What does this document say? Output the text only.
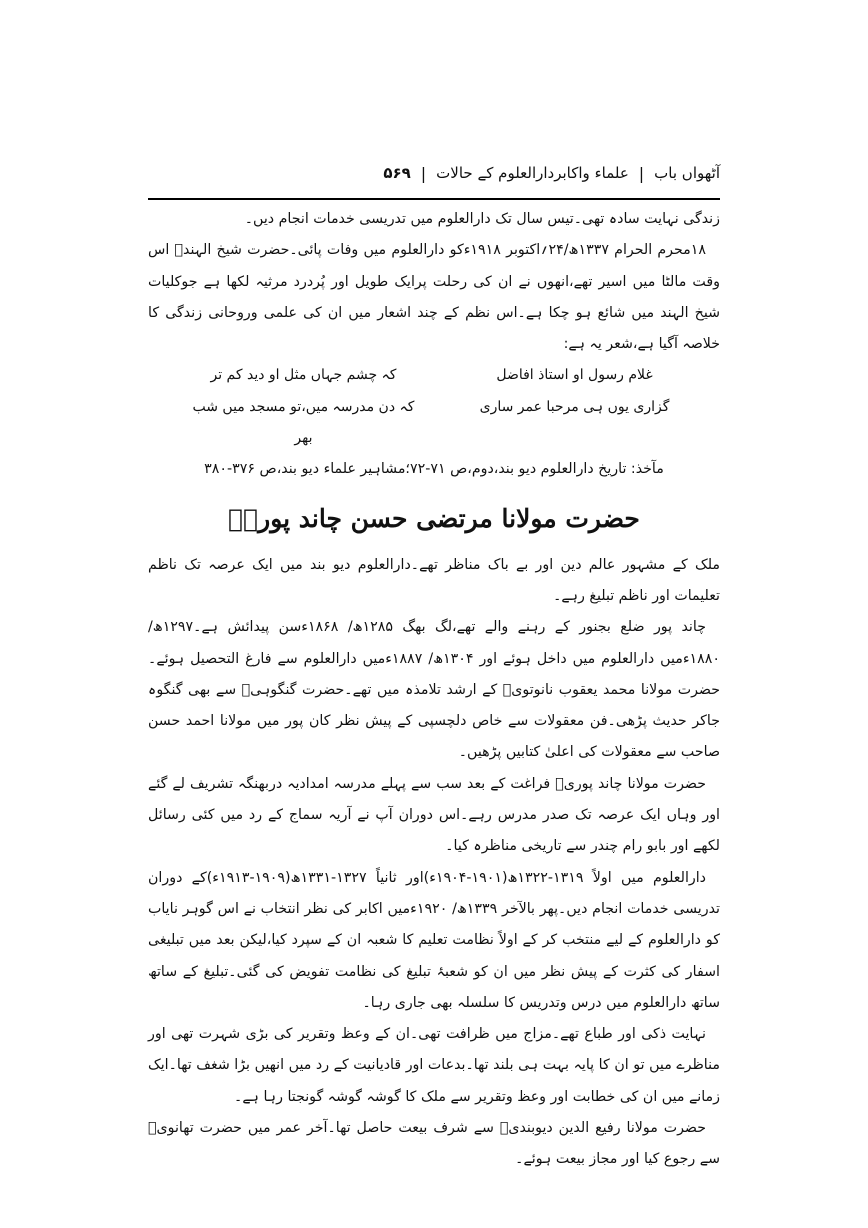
آٹھواں باب
|
علماء واکابردارالعلوم کے حالات
|
۵۶۹

زندگی نہایت سادہ تھی۔تیس سال تک دارالعلوم میں تدریسی خدمات انجام دیں۔

۱۸محرم الحرام ۱۳۳۷ھ/۲۴؍اکتوبر ۱۹۱۸ءکو دارالعلوم میں وفات پائی۔حضرت شیخ الہندؒ اس وقت مالٹا میں اسیر تھے،انھوں نے ان کی رحلت پرایک طویل اور پُردرد مرثیہ لکھا ہے جوکلیات شیخ الہند میں شائع ہو چکا ہے۔اس نظم کے چند اشعار میں ان کی علمی وروحانی زندگی کا خلاصہ آگیا ہے،شعر یہ ہے:

غلام رسول او استاذ افاضل
کہ چشم جہاں مثل او دید کم تر
گزاری یوں ہی مرحبا عمر ساری
کہ دن مدرسہ میں،تو مسجد میں شب بھر

مآخذ: تاریخ دارالعلوم دیو بند،دوم،ص ۷۱-۷۲؛مشاہیر علماء دیو بند،ص ۳۷۶-۳۸۰

حضرت مولانا مرتضی حسن چاند پوریؒ

ملک کے مشہور عالم دین اور بے باک مناظر تھے۔دارالعلوم دیو بند میں ایک عرصہ تک ناظم تعلیمات اور ناظم تبلیغ رہے۔

چاند پور ضلع بجنور کے رہنے والے تھے،لگ بھگ ۱۲۸۵ھ/ ۱۸۶۸ءسن پیدائش ہے۔۱۲۹۷ھ/۱۸۸۰ءمیں دارالعلوم میں داخل ہوئے اور ۱۳۰۴ھ/ ۱۸۸۷ءمیں دارالعلوم سے فارغ التحصیل ہوئے۔حضرت مولانا محمد یعقوب نانوتویؒ کے ارشد تلامذہ میں تھے۔حضرت گنگوہیؒ سے بھی گنگوہ جاکر حدیث پڑھی۔فن معقولات سے خاص دلچسپی کے پیش نظر کان پور میں مولانا احمد حسن صاحب سے معقولات کی اعلیٰ کتابیں پڑھیں۔

حضرت مولانا چاند پوریؒ فراغت کے بعد سب سے پہلے مدرسہ امدادیہ دربھنگہ تشریف لے گئے اور وہاں ایک عرصہ تک صدر مدرس رہے۔اس دوران آپ نے آریہ سماج کے رد میں کئی رسائل لکھے اور بابو رام چندر سے تاریخی مناظرہ کیا۔

دارالعلوم میں اولاً ۱۳۱۹-۱۳۲۲ھ(۱۹۰۱-۱۹۰۴ء)اور ثانیاً ۱۳۲۷-۱۳۳۱ھ(۱۹۰۹-۱۹۱۳ء)کے دوران تدریسی خدمات انجام دیں۔پھر بالآخر ۱۳۳۹ھ/ ۱۹۲۰ءمیں اکابر کی نظر انتخاب نے اس گوہر نایاب کو دارالعلوم کے لیے منتخب کر کے اولاً نظامت تعلیم کا شعبہ ان کے سپرد کیا،لیکن بعد میں تبلیغی اسفار کی کثرت کے پیش نظر میں ان کو شعبۂ تبلیغ کی نظامت تفویض کی گئی۔تبلیغ کے ساتھ ساتھ دارالعلوم میں درس وتدریس کا سلسلہ بھی جاری رہا۔

نہایت ذکی اور طباع تھے۔مزاج میں ظرافت تھی۔ان کے وعظ وتقریر کی بڑی شہرت تھی اور مناظرے میں تو ان کا پایہ بہت ہی بلند تھا۔بدعات اور قادیانیت کے رد میں انھیں بڑا شغف تھا۔ایک زمانے میں ان کی خطابت اور وعظ وتقریر سے ملک کا گوشہ گوشہ گونجتا رہا ہے۔

حضرت مولانا رفیع الدین دیوبندیؒ سے شرف بیعت حاصل تھا۔آخر عمر میں حضرت تھانویؒ سے رجوع کیا اور مجاز بیعت ہوئے۔
